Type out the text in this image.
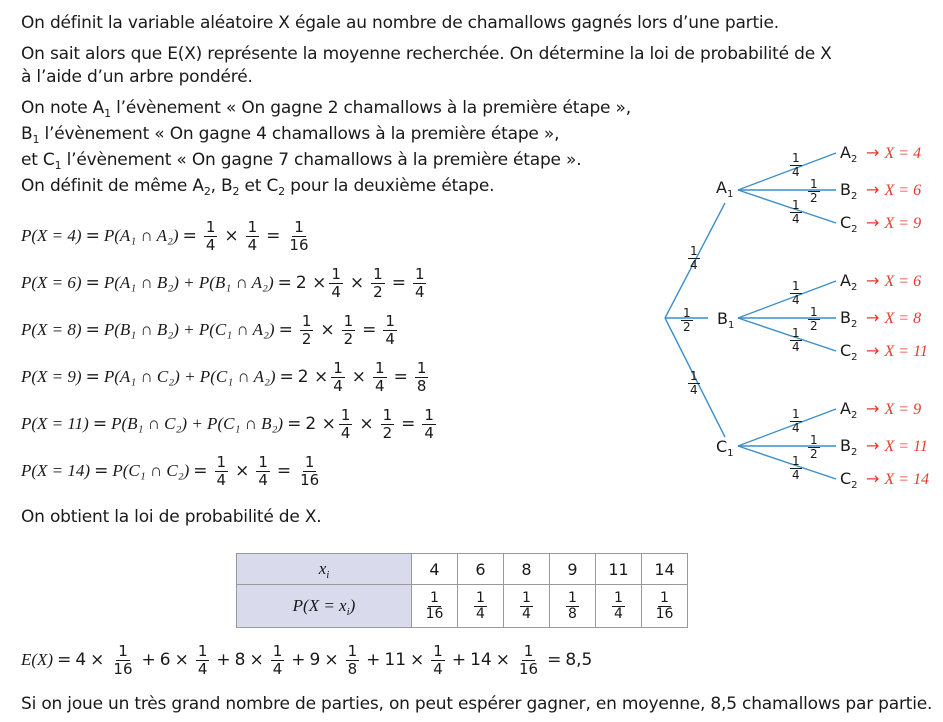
On définit la variable aléatoire X égale au nombre de chamallows gagnés lors d’une partie.
On sait alors que E(X) représente la moyenne recherchée. On détermine la loi de probabilité de X
à l’aide d’un arbre pondéré.
On note $A_1$ l’évènement « On gagne 2 chamallows à la première étape »,
$B_1$ l’évènement « On gagne 4 chamallows à la première étape »,
et $C_1$ l’évènement « On gagne 7 chamallows à la première étape ».
On définit de même $A_2$, $B_2$ et $C_2$ pour la deuxième étape.
P(X = 4) = P(A₁ ∩ $A_2) = \frac{1}{4} \times \frac{1}{4} = \frac{1}{16}$
P(X = 6) = P(A₁ ∩ B₂) + P(B₁ ∩ $A_2) = 2 \times \frac{1}{4} \times \frac{1}{2} = \frac{1}{4}$
P(X = 8) = P(B₁ ∩ B₂) + P(C₁ ∩ $A_2) = \frac{1}{2} \times \frac{1}{2} = \frac{1}{4}$
P(X = 9) = P(A₁ ∩ C₂) + P(C₁ ∩ $A_2) = 2 \times \frac{1}{4} \times \frac{1}{4} = \frac{1}{8}$
P(X = 11) = P(B₁ ∩ C₂) + P(C₁ ∩ $B_2) = 2 \times \frac{1}{4} \times \frac{1}{2} = \frac{1}{4}$
P(X = 14) = P(C₁ ∩ $C_2) = \frac{1}{4} \times \frac{1}{4} = \frac{1}{16}$
On obtient la loi de probabilité de X.
$x_i$	4	6	8	9	11	14
$P(X = x_i)$	$\frac{1}{16}$	$\frac{1}{4}$	$\frac{1}{4}$	$\frac{1}{8}$	$\frac{1}{4}$	$\frac{1}{16}$
$E(X) = 4 \times \frac{1}{16} + 6 \times \frac{1}{4} + 8 \times \frac{1}{4} + 9 \times \frac{1}{8} + 11 \times \frac{1}{4} + 14 \times \frac{1}{16} = 8,5$
Si on joue un très grand nombre de parties, on peut espérer gagner, en moyenne, 8,5 chamallows par partie.
$A_1$
$B_1$
$C_1$
$\frac{1}{4}$
$\frac{1}{2}$
$\frac{1}{4}$
$A_2 \to X = 4$
$B_2 \to X = 6$
$C_2 \to X = 9$
$\frac{1}{4}$
$\frac{1}{2}$
$\frac{1}{4}$
$A_2 \to X = 6$
$B_2 \to X = 8$
$C_2 \to X = 11$
$\frac{1}{4}$
$\frac{1}{2}$
$\frac{1}{4}$
$A_2 \to X = 9$
$B_2 \to X = 11$
$C_2 \to X = 14$
$\frac{1}{4}$
$\frac{1}{2}$
$\frac{1}{4}$
